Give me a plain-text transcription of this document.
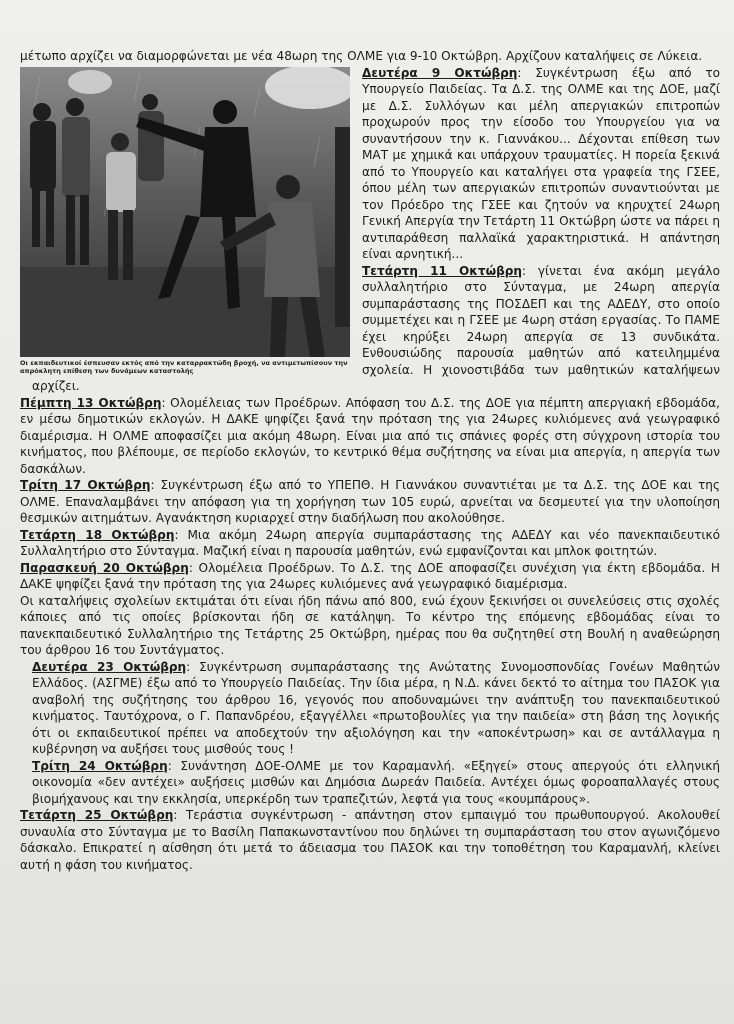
μέτωπο αρχίζει να διαμορφώνεται με νέα 48ωρη της ΟΛΜΕ για 9-10 Οκτώβρη. Αρχίζουν καταλήψεις σε Λύκεια.

Οι εκπαιδευτικοί έσπευσαν εκτός από την καταρρακτώδη βροχή, να αντιμετωπίσουν την απρόκλητη επίθεση των δυνάμεων καταστολής

Δευτέρα 9 Οκτώβρη: Συγκέντρωση έξω από το Υπουργείο Παιδείας. Τα Δ.Σ. της ΟΛΜΕ και της ΔΟΕ, μαζί με Δ.Σ. Συλλόγων και μέλη απεργιακών επιτροπών προχωρούν προς την είσοδο του Υπουργείου για να συναντήσουν την κ. Γιαννάκου... Δέχονται επίθεση των ΜΑΤ με χημικά και υπάρχουν τραυματίες. Η πορεία ξεκινά από το Υπουργείο και καταλήγει στα γραφεία της ΓΣΕΕ, όπου μέλη των απεργιακών επιτροπών συναντιούνται με τον Πρόεδρο της ΓΣΕΕ και ζητούν να κηρυχτεί 24ωρη Γενική Απεργία την Τετάρτη 11 Οκτώβρη ώστε να πάρει η αντιπαράθεση παλλαϊκά χαρακτηριστικά. Η απάντηση είναι αρνητική...

Τετάρτη 11 Οκτώβρη: γίνεται ένα ακόμη μεγάλο συλλαλητήριο στο Σύνταγμα, με 24ωρη απεργία συμπαράστασης της ΠΟΣΔΕΠ και της ΑΔΕΔΥ, στο οποίο συμμετέχει και η ΓΣΕΕ με 4ωρη στάση εργασίας. Το ΠΑΜΕ έχει κηρύξει 24ωρη απεργία σε 13 συνδικάτα. Ενθουσιώδης παρουσία μαθητών από κατειλημμένα σχολεία. Η χιονοστιβάδα των μαθητικών καταλήψεων αρχίζει.

Πέμπτη 13 Οκτώβρη: Ολομέλειας των Προέδρων. Απόφαση του Δ.Σ. της ΔΟΕ για πέμπτη απεργιακή εβδομάδα, εν μέσω δημοτικών εκλογών. Η ΔΑΚΕ ψηφίζει ξανά την πρόταση της για 24ωρες κυλιόμενες ανά γεωγραφικό διαμέρισμα. Η ΟΛΜΕ αποφασίζει μια ακόμη 48ωρη. Είναι μια από τις σπάνιες φορές στη σύγχρονη ιστορία του κινήματος, που βλέπουμε, σε περίοδο εκλογών, το κεντρικό θέμα συζήτησης να είναι μια απεργία, η απεργία των δασκάλων.

Τρίτη 17 Οκτώβρη: Συγκέντρωση έξω από το ΥΠΕΠΘ. Η Γιαννάκου συναντιέται με τα Δ.Σ. της ΔΟΕ και της ΟΛΜΕ. Επαναλαμβάνει την απόφαση για τη χορήγηση των 105 ευρώ, αρνείται να δεσμευτεί για την υλοποίηση θεσμικών αιτημάτων. Αγανάκτηση κυριαρχεί στην διαδήλωση που ακολούθησε.

Τετάρτη 18 Οκτώβρη: Μια ακόμη 24ωρη απεργία συμπαράστασης της ΑΔΕΔΥ και νέο πανεκπαιδευτικό Συλλαλητήριο στο Σύνταγμα. Μαζική είναι η παρουσία μαθητών, ενώ εμφανίζονται και μπλοκ φοιτητών.

Παρασκευή 20 Οκτώβρη: Ολομέλεια Προέδρων. Το Δ.Σ. της ΔΟΕ αποφασίζει συνέχιση για έκτη εβδομάδα. Η ΔΑΚΕ ψηφίζει ξανά την πρόταση της για 24ωρες κυλιόμενες ανά γεωγραφικό διαμέρισμα.

Οι καταλήψεις σχολείων εκτιμάται ότι είναι ήδη πάνω από 800, ενώ έχουν ξεκινήσει οι συνελεύσεις στις σχολές κάποιες από τις οποίες βρίσκονται ήδη σε κατάληψη. Το κέντρο της επόμενης εβδομάδας είναι το πανεκπαιδευτικό Συλλαλητήριο της Τετάρτης 25 Οκτώβρη, ημέρας που θα συζητηθεί στη Βουλή η αναθεώρηση του άρθρου 16 του Συντάγματος.

Δευτέρα 23 Οκτώβρη: Συγκέντρωση συμπαράστασης της Ανώτατης Συνομοσπονδίας Γονέων Μαθητών Ελλάδος. (ΑΣΓΜΕ) έξω από το Υπουργείο Παιδείας. Την ίδια μέρα, η Ν.Δ. κάνει δεκτό το αίτημα του ΠΑΣΟΚ για αναβολή της συζήτησης του άρθρου 16, γεγονός που αποδυναμώνει την ανάπτυξη του πανεκπαιδευτικού κινήματος. Ταυτόχρονα, ο Γ. Παπανδρέου, εξαγγέλλει «πρωτοβουλίες για την παιδεία» στη βάση της λογικής ότι οι εκπαιδευτικοί πρέπει να αποδεχτούν την αξιολόγηση και την «αποκέντρωση» και σε αντάλλαγμα η κυβέρνηση να αυξήσει τους μισθούς τους !

Τρίτη 24 Οκτώβρη: Συνάντηση ΔΟΕ-ΟΛΜΕ με τον Καραμανλή. «Εξηγεί» στους απεργούς ότι ελληνική οικονομία «δεν αντέχει» αυξήσεις μισθών και Δημόσια Δωρεάν Παιδεία. Αντέχει όμως φοροαπαλλαγές στους βιομήχανους και την εκκλησία, υπερκέρδη των τραπεζιτών, λεφτά για τους «κουμπάρους».

Τετάρτη 25 Οκτώβρη: Τεράστια συγκέντρωση - απάντηση στον εμπαιγμό του πρωθυπουργού. Ακολουθεί συναυλία στο Σύνταγμα με το Βασίλη Παπακωνσταντίνου που δηλώνει τη συμπαράσταση του στον αγωνιζόμενο δάσκαλο. Επικρατεί η αίσθηση ότι μετά το άδειασμα του ΠΑΣΟΚ και την τοποθέτηση του Καραμανλή, κλείνει αυτή η φάση του κινήματος.
